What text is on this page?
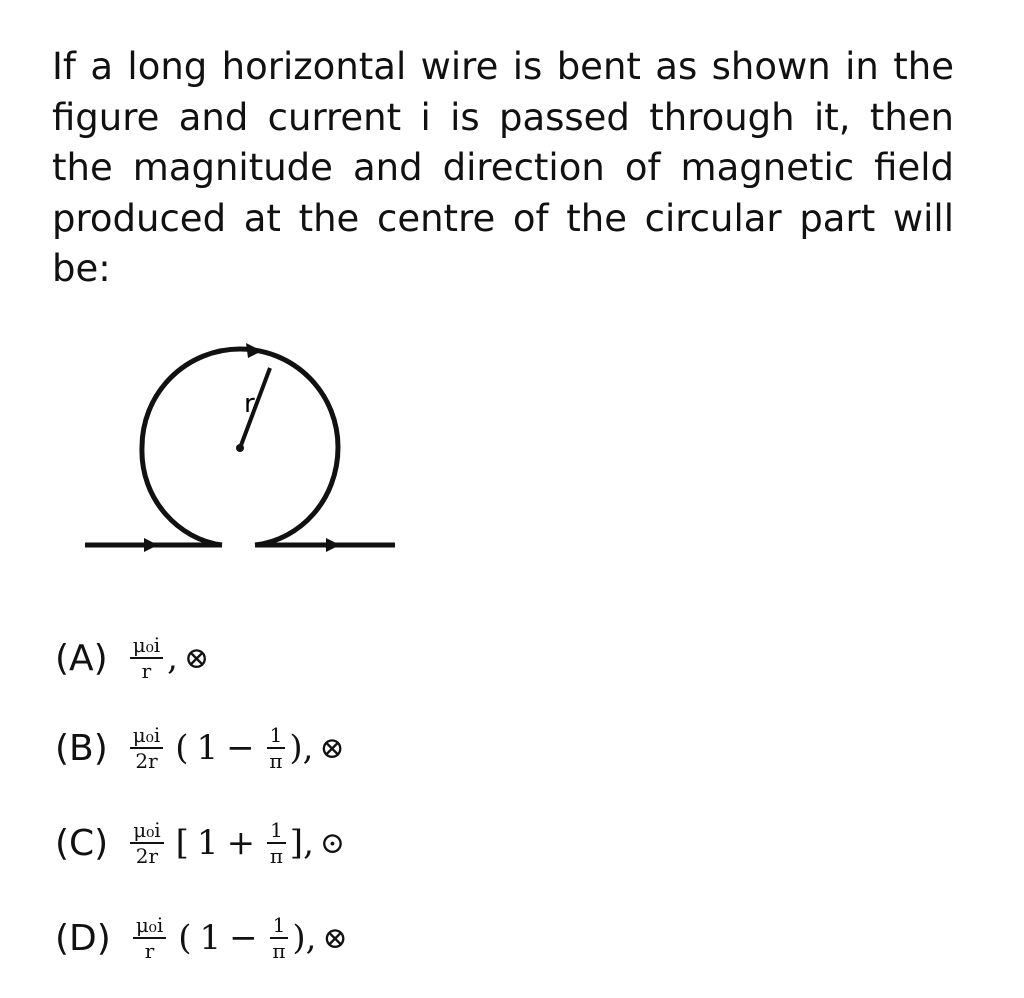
If a long horizontal wire is bent as shown in the figure and current i is passed through it, then the magnitude and direction of magnetic field produced at the centre of the circular part will be:
r
$(A) \frac{\text{μ₀i}}{r}$ , ⊗
$(B) \frac{\text{μ₀i}}{2r}$ ( $1 - \frac{1}{\pi}$ ) , ⊗
$(C) \frac{\text{μ₀i}}{2r}$ [ $1 + \frac{1}{\pi}$ ] , ⊙
$(D) \frac{\text{μ₀i}}{r}$ ( $1 - \frac{1}{\pi}$ ) , ⊗
